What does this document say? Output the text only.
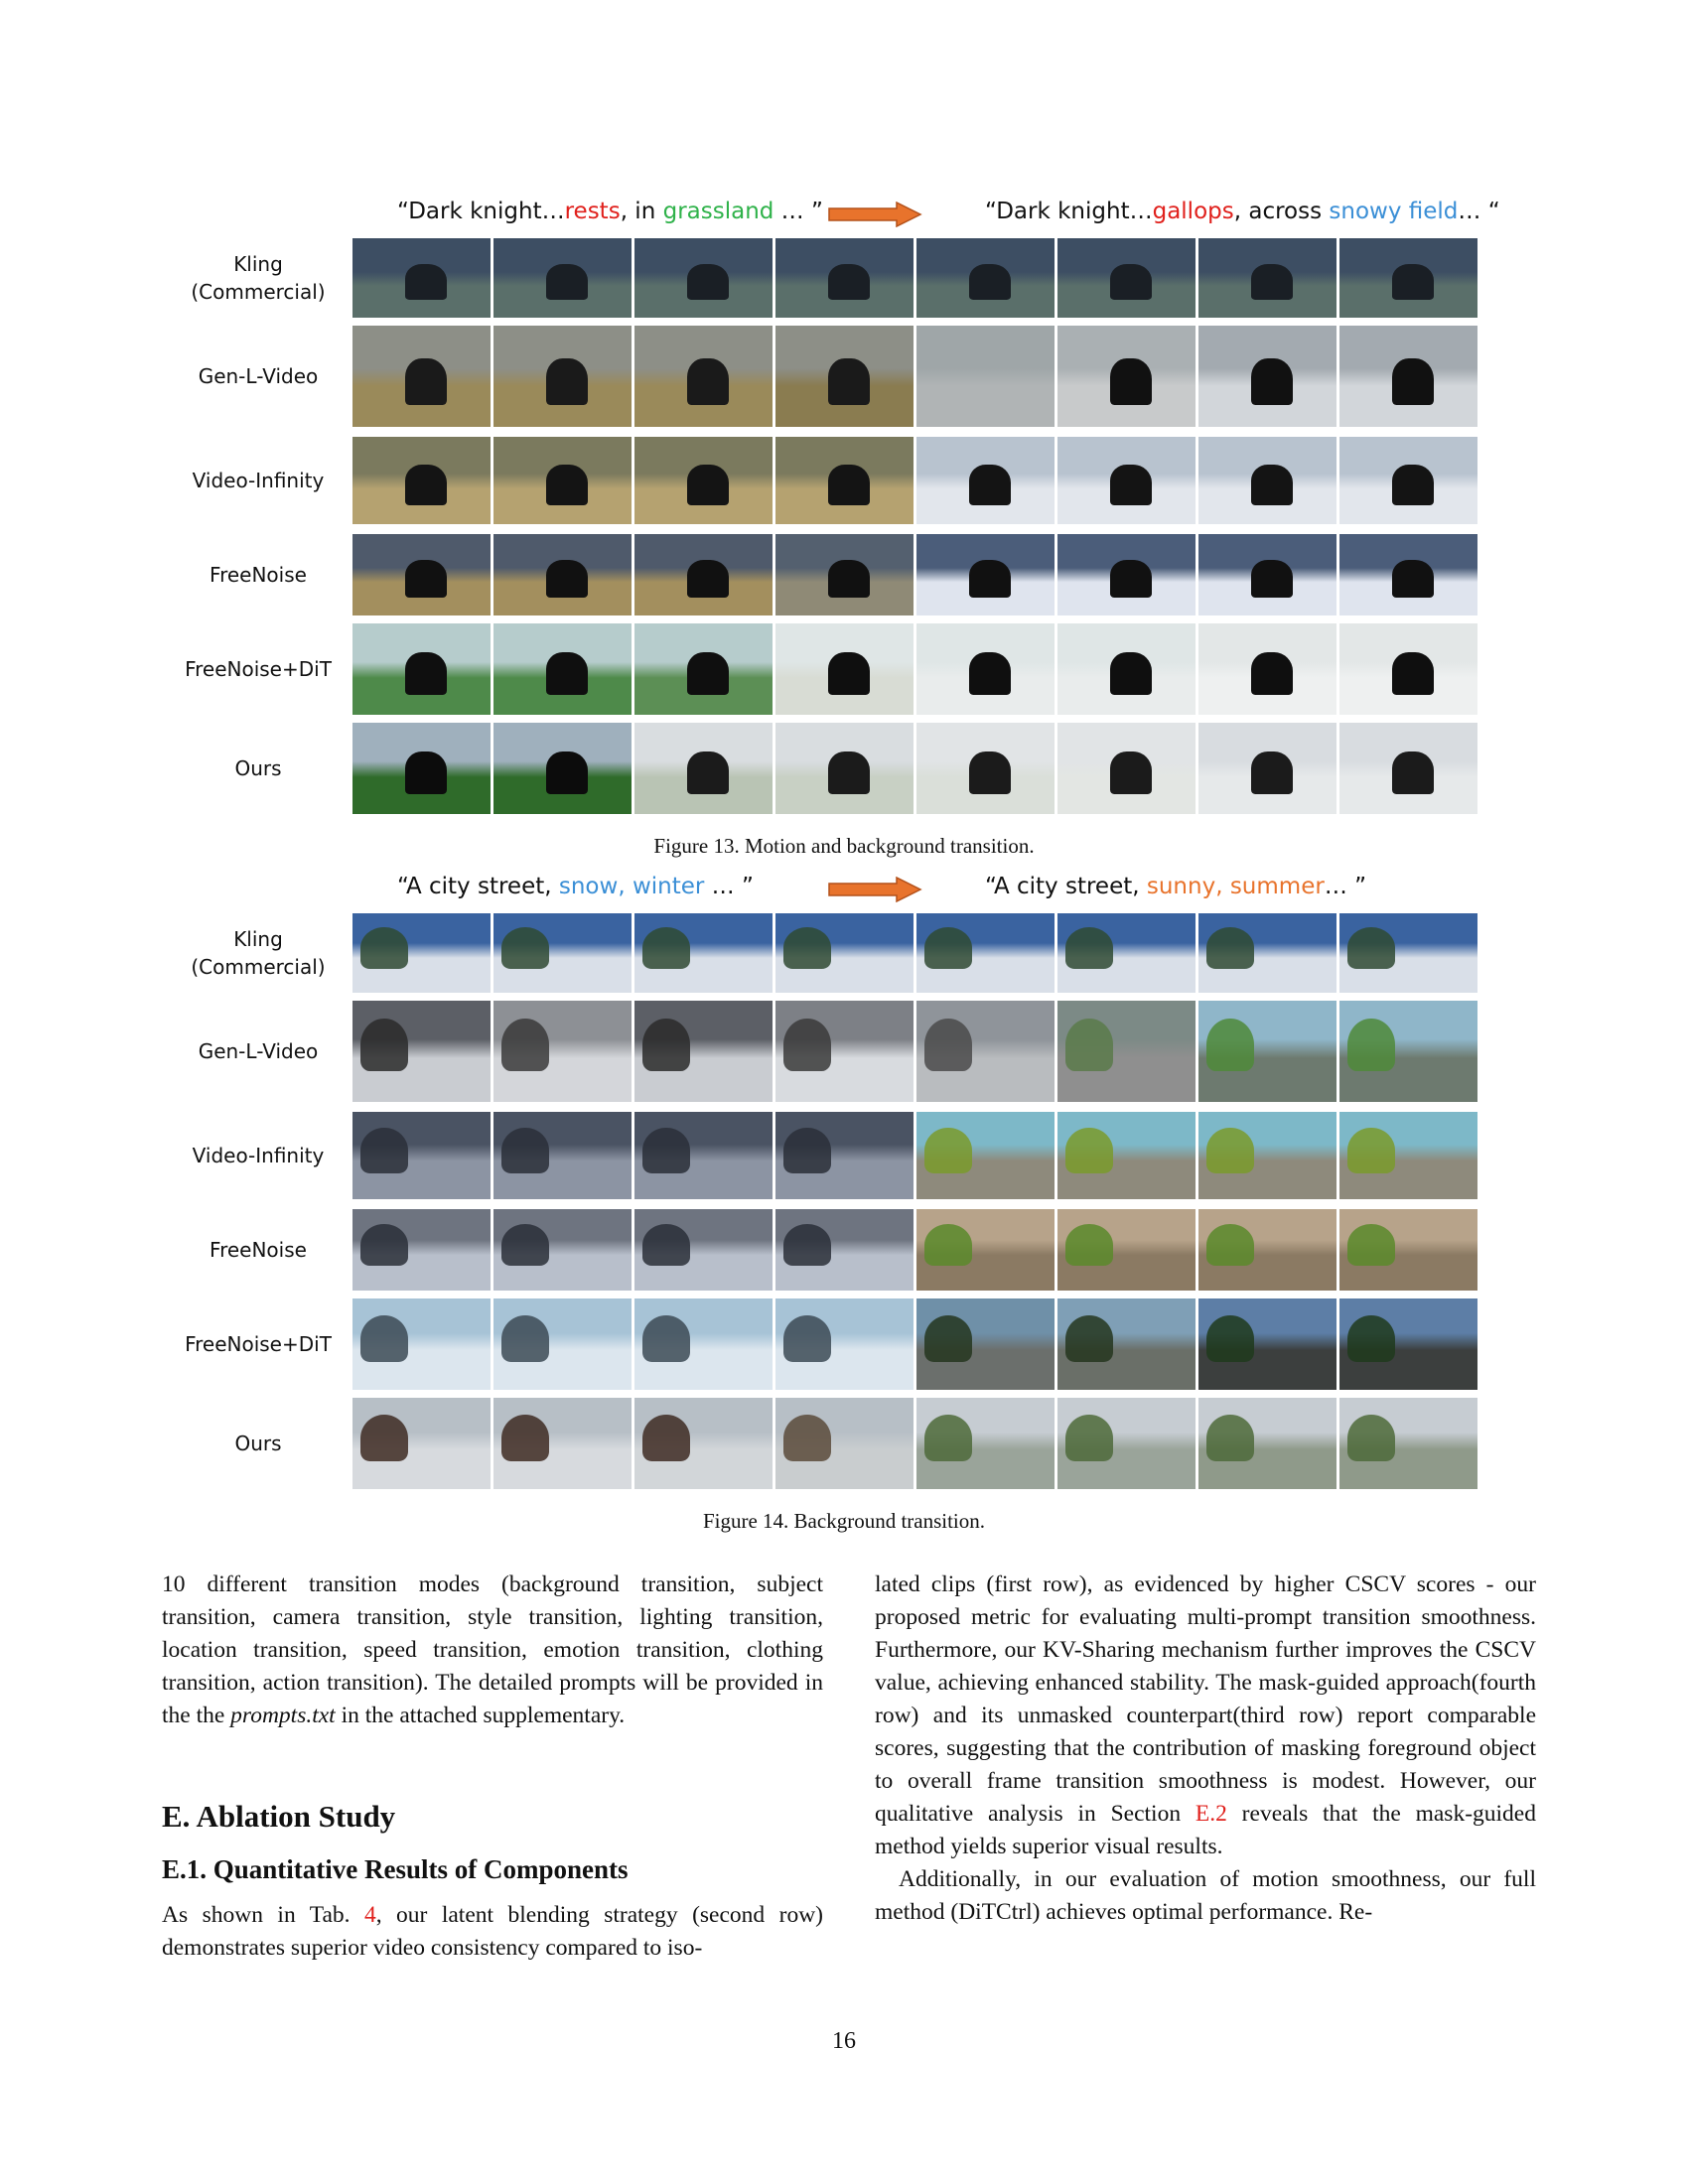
“Dark knight…rests, in grassland … ”	“Dark knight…gallops, across snowy field… “
Kling
(Commercial)
Gen-L-Video
Video-Infinity
FreeNoise
FreeNoise+DiT
Ours
Figure 13. Motion and background transition.
“A city street, snow, winter … ”	“A city street, sunny, summer… ”
Kling
(Commercial)
Gen-L-Video
Video-Infinity
FreeNoise
FreeNoise+DiT
Ours
Figure 14. Background transition.

10 different transition modes (background transition, subject transition, camera transition, style transition, lighting transition, location transition, speed transition, emotion transition, clothing transition, action transition). The detailed prompts will be provided in the the prompts.txt in the attached supplementary.

E. Ablation Study
E.1. Quantitative Results of Components

As shown in Tab. 4, our latent blending strategy (second row) demonstrates superior video consistency compared to iso-

lated clips (first row), as evidenced by higher CSCV scores - our proposed metric for evaluating multi-prompt transition smoothness. Furthermore, our KV-Sharing mechanism further improves the CSCV value, achieving enhanced stability. The mask-guided approach(fourth row) and its unmasked counterpart(third row) report comparable scores, suggesting that the contribution of masking foreground object to overall frame transition smoothness is modest. However, our qualitative analysis in Section E.2 reveals that the mask-guided method yields superior visual results.

Additionally, in our evaluation of motion smoothness, our full method (DiTCtrl) achieves optimal performance. Re-

16
